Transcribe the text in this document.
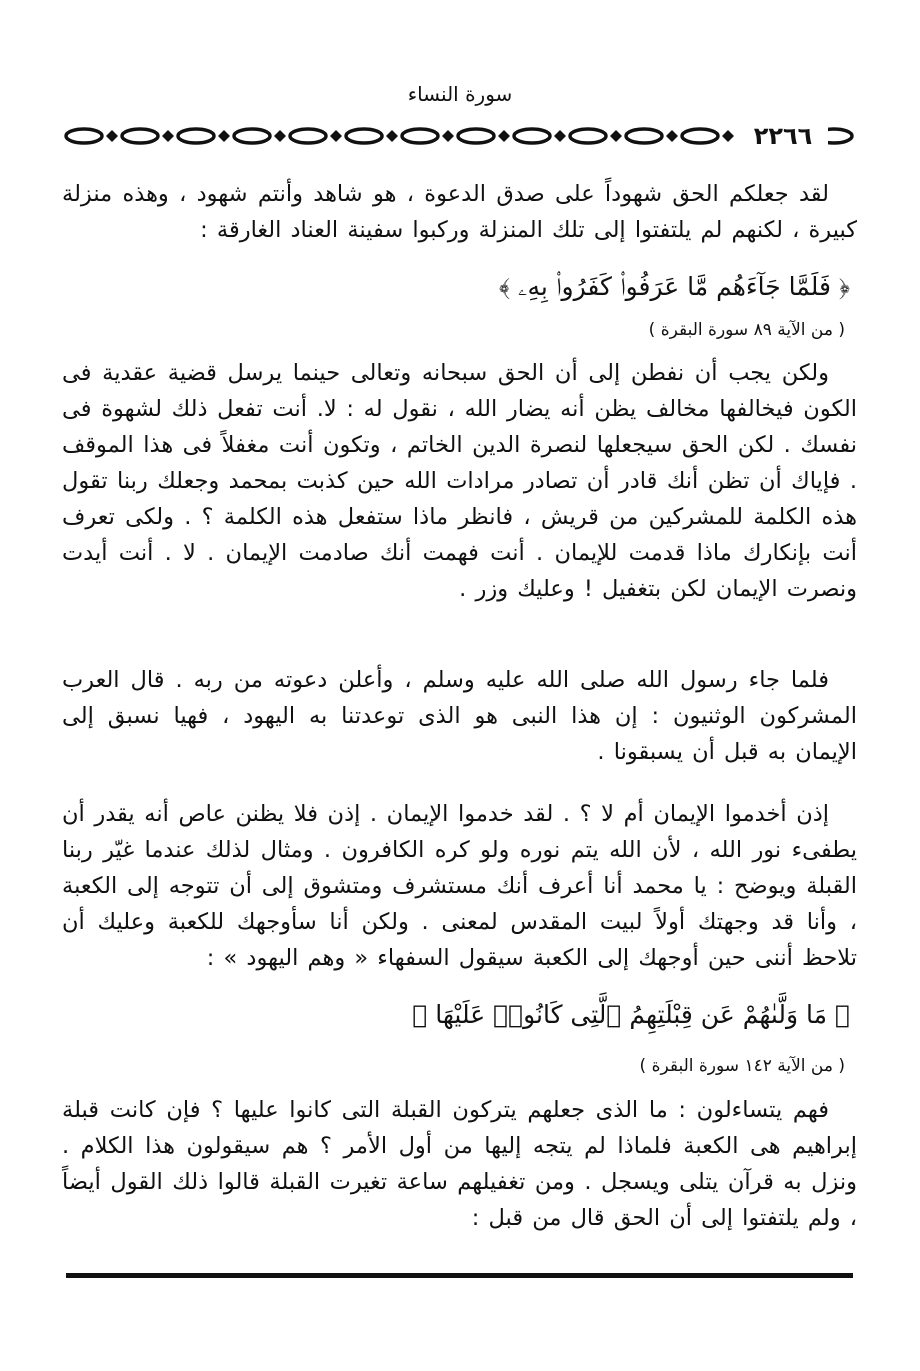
سورة النساء
٢٢٦٦
لقد جعلكم الحق شهوداً على صدق الدعوة ، هو شاهد وأنتم شهود ، وهذه منزلة كبيرة ، لكنهم لم يلتفتوا إلى تلك المنزلة وركبوا سفينة العناد الغارقة :
﴿ فَلَمَّا جَآءَهُم مَّا عَرَفُوا۟ كَفَرُوا۟ بِهِۦ ﴾
( من الآية ٨٩ سورة البقرة )
ولكن يجب أن نفطن إلى أن الحق سبحانه وتعالى حينما يرسل قضية عقدية فى الكون فيخالفها مخالف يظن أنه يضار الله ، نقول له : لا. أنت تفعل ذلك لشهوة فى نفسك . لكن الحق سيجعلها لنصرة الدين الخاتم ، وتكون أنت مغفلاً فى هذا الموقف . فإياك أن تظن أنك قادر أن تصادر مرادات الله حين كذبت بمحمد وجعلك ربنا تقول هذه الكلمة للمشركين من قريش ، فانظر ماذا ستفعل هذه الكلمة ؟ . ولكى تعرف أنت بإنكارك ماذا قدمت للإيمان . أنت فهمت أنك صادمت الإيمان . لا . أنت أيدت ونصرت الإيمان لكن بتغفيل ! وعليك وزر .
فلما جاء رسول الله صلى الله عليه وسلم ، وأعلن دعوته من ربه . قال العرب المشركون الوثنيون : إن هذا النبى هو الذى توعدتنا به اليهود ، فهيا نسبق إلى الإيمان به قبل أن يسبقونا .
إذن أخدموا الإيمان أم لا ؟ . لقد خدموا الإيمان . إذن فلا يظنن عاص أنه يقدر أن يطفىء نور الله ، لأن الله يتم نوره ولو كره الكافرون . ومثال لذلك عندما غيّر ربنا القبلة ويوضح : يا محمد أنا أعرف أنك مستشرف ومتشوق إلى أن تتوجه إلى الكعبة ، وأنا قد وجهتك أولاً لبيت المقدس لمعنى . ولكن أنا سأوجهك للكعبة وعليك أن تلاحظ أننى حين أوجهك إلى الكعبة سيقول السفهاء « وهم اليهود » :
﴿ مَا وَلَّىٰهُمْ عَن قِبْلَتِهِمُ ٱلَّتِى كَانُوا۟ عَلَيْهَا ﴾
( من الآية ١٤٢ سورة البقرة )
فهم يتساءلون : ما الذى جعلهم يتركون القبلة التى كانوا عليها ؟ فإن كانت قبلة إبراهيم هى الكعبة فلماذا لم يتجه إليها من أول الأمر ؟ هم سيقولون هذا الكلام . ونزل به قرآن يتلى ويسجل . ومن تغفيلهم ساعة تغيرت القبلة قالوا ذلك القول أيضاً ، ولم يلتفتوا إلى أن الحق قال من قبل :
